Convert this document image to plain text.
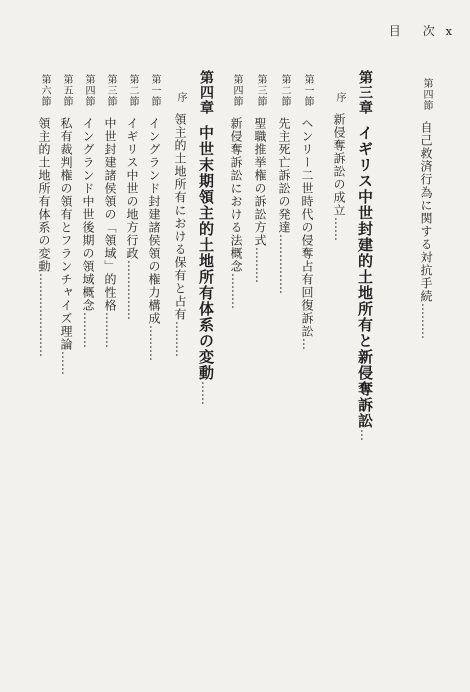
目　次 x
第四節自己救済行為に関する対抗手続………
第三章イギリス中世封建的土地所有と新侵奪訴訟…
序新侵奪訴訟の成立……
第一節ヘンリー二世時代の侵奪占有回復訴訟…
第二節先主死亡訴訟の発達……………
第三節聖職推挙権の訴訟方式………
第四節新侵奪訴訟における法概念………
第四章中世末期領主的土地所有体系の変動……
序領主的土地所有における保有と占有………
第一節イングランド封建諸侯領の権力構成………
第二節イギリス中世の地方行政……………
第三節中世封建諸侯領の「領域」的性格………
第四節イングランド中世後期の領域概念………
第五節私有裁判権の領有とフランチャイズ理論……
第六節領主的土地所有体系の変動…………………
